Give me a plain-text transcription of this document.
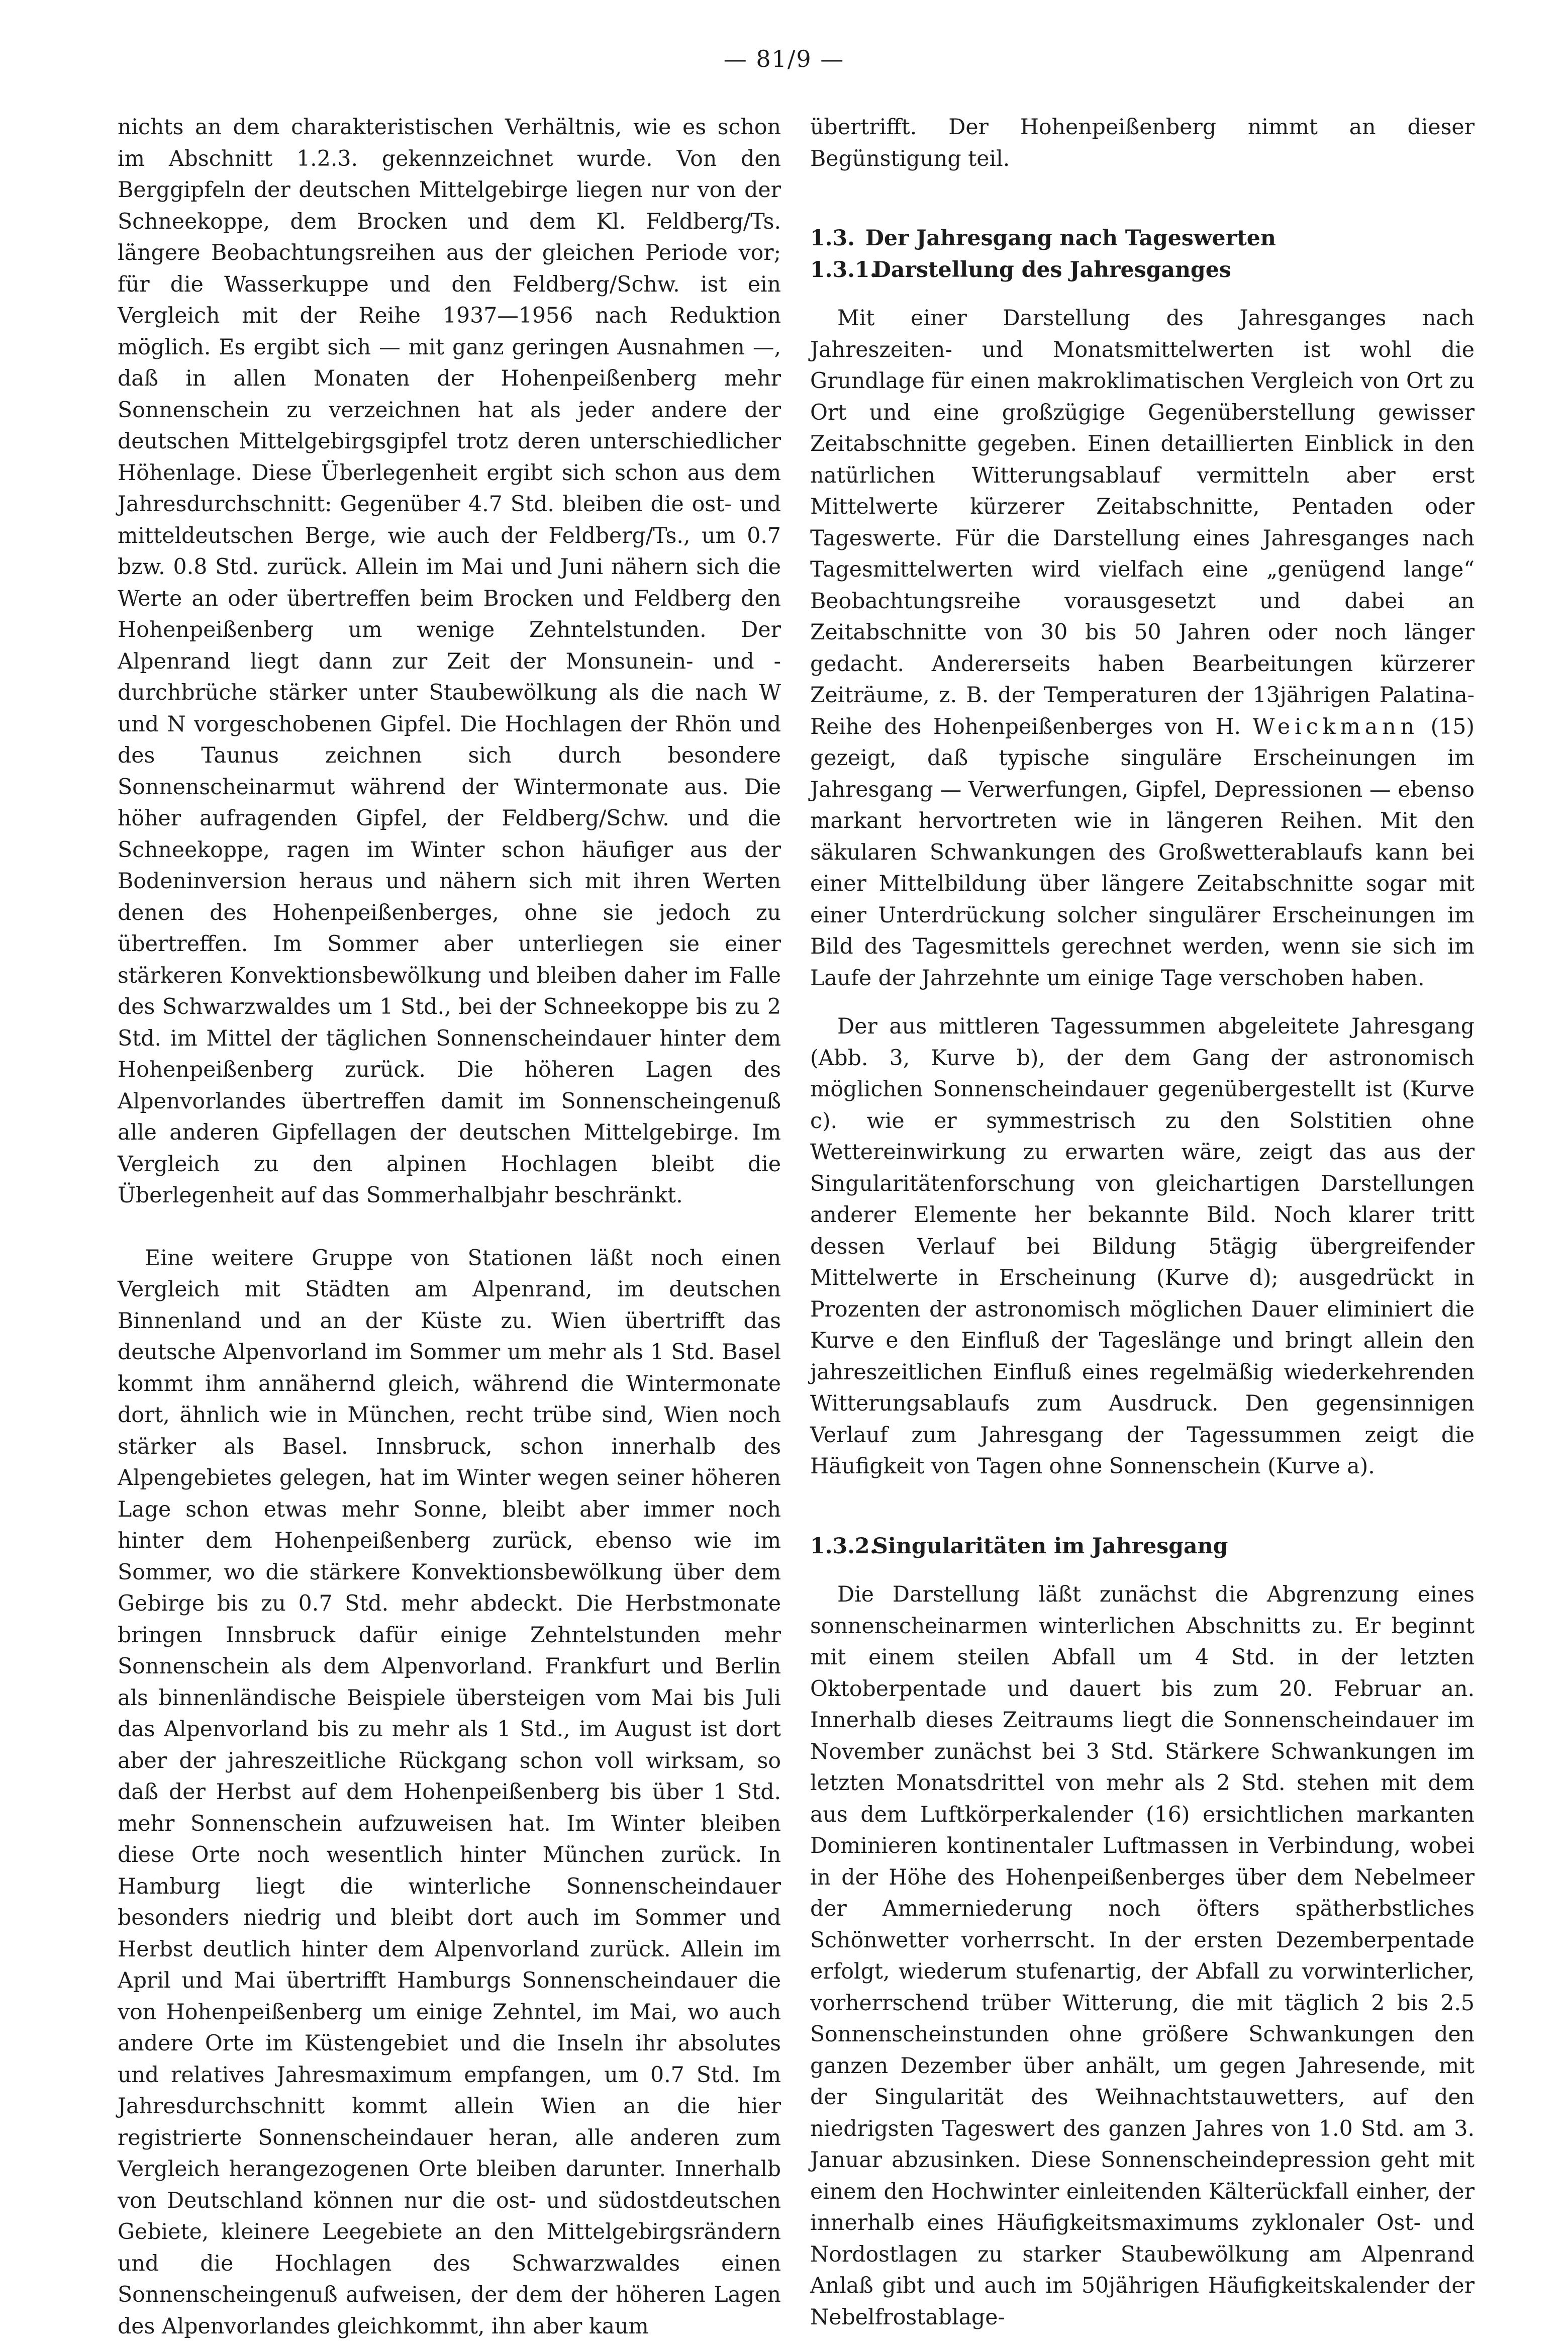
— 81/9 —

nichts an dem charakteristischen Verhältnis, wie es schon im Abschnitt 1.2.3. gekennzeichnet wurde. Von den Berggipfeln der deutschen Mittelgebirge liegen nur von der Schneekoppe, dem Brocken und dem Kl. Feldberg/Ts. längere Beobachtungsreihen aus der gleichen Periode vor; für die Wasserkuppe und den Feldberg/Schw. ist ein Vergleich mit der Reihe 1937—1956 nach Reduktion möglich. Es ergibt sich — mit ganz geringen Ausnahmen —, daß in allen Monaten der Hohenpeißenberg mehr Sonnenschein zu verzeichnen hat als jeder andere der deutschen Mittelgebirgsgipfel trotz deren unterschiedlicher Höhenlage. Diese Überlegenheit ergibt sich schon aus dem Jahresdurchschnitt: Gegenüber 4.7 Std. bleiben die ost- und mitteldeutschen Berge, wie auch der Feldberg/Ts., um 0.7 bzw. 0.8 Std. zurück. Allein im Mai und Juni nähern sich die Werte an oder übertreffen beim Brocken und Feldberg den Hohenpeißenberg um wenige Zehntelstunden. Der Alpenrand liegt dann zur Zeit der Monsunein- und -durchbrüche stärker unter Staubewölkung als die nach W und N vorgeschobenen Gipfel. Die Hochlagen der Rhön und des Taunus zeichnen sich durch besondere Sonnenscheinarmut während der Wintermonate aus. Die höher aufragenden Gipfel, der Feldberg/Schw. und die Schneekoppe, ragen im Winter schon häufiger aus der Bodeninversion heraus und nähern sich mit ihren Werten denen des Hohenpeißenberges, ohne sie jedoch zu übertreffen. Im Sommer aber unterliegen sie einer stärkeren Konvektionsbewölkung und bleiben daher im Falle des Schwarzwaldes um 1 Std., bei der Schneekoppe bis zu 2 Std. im Mittel der täglichen Sonnenscheindauer hinter dem Hohenpeißenberg zurück. Die höheren Lagen des Alpenvorlandes übertreffen damit im Sonnenscheingenuß alle anderen Gipfellagen der deutschen Mittelgebirge. Im Vergleich zu den alpinen Hochlagen bleibt die Überlegenheit auf das Sommerhalbjahr beschränkt.

Eine weitere Gruppe von Stationen läßt noch einen Vergleich mit Städten am Alpenrand, im deutschen Binnenland und an der Küste zu. Wien übertrifft das deutsche Alpenvorland im Sommer um mehr als 1 Std. Basel kommt ihm annähernd gleich, während die Wintermonate dort, ähnlich wie in München, recht trübe sind, Wien noch stärker als Basel. Innsbruck, schon innerhalb des Alpengebietes gelegen, hat im Winter wegen seiner höheren Lage schon etwas mehr Sonne, bleibt aber immer noch hinter dem Hohenpeißenberg zurück, ebenso wie im Sommer, wo die stärkere Konvektionsbewölkung über dem Gebirge bis zu 0.7 Std. mehr abdeckt. Die Herbstmonate bringen Innsbruck dafür einige Zehntelstunden mehr Sonnenschein als dem Alpenvorland. Frankfurt und Berlin als binnenländische Beispiele übersteigen vom Mai bis Juli das Alpenvorland bis zu mehr als 1 Std., im August ist dort aber der jahreszeitliche Rückgang schon voll wirksam, so daß der Herbst auf dem Hohenpeißenberg bis über 1 Std. mehr Sonnenschein aufzuweisen hat. Im Winter bleiben diese Orte noch wesentlich hinter München zurück. In Hamburg liegt die winterliche Sonnenscheindauer besonders niedrig und bleibt dort auch im Sommer und Herbst deutlich hinter dem Alpenvorland zurück. Allein im April und Mai übertrifft Hamburgs Sonnenscheindauer die von Hohenpeißenberg um einige Zehntel, im Mai, wo auch andere Orte im Küstengebiet und die Inseln ihr absolutes und relatives Jahresmaximum empfangen, um 0.7 Std. Im Jahresdurchschnitt kommt allein Wien an die hier registrierte Sonnenscheindauer heran, alle anderen zum Vergleich herangezogenen Orte bleiben darunter. Innerhalb von Deutschland können nur die ost- und südostdeutschen Gebiete, kleinere Leegebiete an den Mittelgebirgsrändern und die Hochlagen des Schwarzwaldes einen Sonnenscheingenuß aufweisen, der dem der höheren Lagen des Alpenvorlandes gleichkommt, ihn aber kaum

übertrifft. Der Hohenpeißenberg nimmt an dieser Begünstigung teil.

1.3. Der Jahresgang nach Tageswerten

1.3.1.Darstellung des Jahresganges

Mit einer Darstellung des Jahresganges nach Jahreszeiten- und Monatsmittelwerten ist wohl die Grundlage für einen makroklimatischen Vergleich von Ort zu Ort und eine großzügige Gegenüberstellung gewisser Zeitabschnitte gegeben. Einen detaillierten Einblick in den natürlichen Witterungsablauf vermitteln aber erst Mittelwerte kürzerer Zeitabschnitte, Pentaden oder Tageswerte. Für die Darstellung eines Jahresganges nach Tagesmittelwerten wird vielfach eine „genügend lange“ Beobachtungsreihe vorausgesetzt und dabei an Zeitabschnitte von 30 bis 50 Jahren oder noch länger gedacht. Andererseits haben Bearbeitungen kürzerer Zeiträume, z. B. der Temperaturen der 13jährigen Palatina-Reihe des Hohenpeißenberges von H. Weickmann (15) gezeigt, daß typische singuläre Erscheinungen im Jahresgang — Verwerfungen, Gipfel, Depressionen — ebenso markant hervortreten wie in längeren Reihen. Mit den säkularen Schwankungen des Großwetterablaufs kann bei einer Mittelbildung über längere Zeitabschnitte sogar mit einer Unterdrückung solcher singulärer Erscheinungen im Bild des Tagesmittels gerechnet werden, wenn sie sich im Laufe der Jahrzehnte um einige Tage verschoben haben.

Der aus mittleren Tagessummen abgeleitete Jahresgang (Abb. 3, Kurve b), der dem Gang der astronomisch möglichen Sonnenscheindauer gegenübergestellt ist (Kurve c). wie er symmestrisch zu den Solstitien ohne Wettereinwirkung zu erwarten wäre, zeigt das aus der Singularitätenforschung von gleichartigen Darstellungen anderer Elemente her bekannte Bild. Noch klarer tritt dessen Verlauf bei Bildung 5tägig übergreifender Mittelwerte in Erscheinung (Kurve d); ausgedrückt in Prozenten der astronomisch möglichen Dauer eliminiert die Kurve e den Einfluß der Tageslänge und bringt allein den jahreszeitlichen Einfluß eines regelmäßig wiederkehrenden Witterungsablaufs zum Ausdruck. Den gegensinnigen Verlauf zum Jahresgang der Tagessummen zeigt die Häufigkeit von Tagen ohne Sonnenschein (Kurve a).

1.3.2.Singularitäten im Jahresgang

Die Darstellung läßt zunächst die Abgrenzung eines sonnenscheinarmen winterlichen Abschnitts zu. Er beginnt mit einem steilen Abfall um 4 Std. in der letzten Oktoberpentade und dauert bis zum 20. Februar an. Innerhalb dieses Zeitraums liegt die Sonnenscheindauer im November zunächst bei 3 Std. Stärkere Schwankungen im letzten Monatsdrittel von mehr als 2 Std. stehen mit dem aus dem Luftkörperkalender (16) ersichtlichen markanten Dominieren kontinentaler Luftmassen in Verbindung, wobei in der Höhe des Hohenpeißenberges über dem Nebelmeer der Ammerniederung noch öfters spätherbstliches Schönwetter vorherrscht. In der ersten Dezemberpentade erfolgt, wiederum stufenartig, der Abfall zu vorwinterlicher, vorherrschend trüber Witterung, die mit täglich 2 bis 2.5 Sonnenscheinstunden ohne größere Schwankungen den ganzen Dezember über anhält, um gegen Jahresende, mit der Singularität des Weihnachtstauwetters, auf den niedrigsten Tageswert des ganzen Jahres von 1.0 Std. am 3. Januar abzusinken. Diese Sonnenscheindepression geht mit einem den Hochwinter einleitenden Kälterückfall einher, der innerhalb eines Häufigkeitsmaximums zyklonaler Ost- und Nordostlagen zu starker Staubewölkung am Alpenrand Anlaß gibt und auch im 50jährigen Häufigkeitskalender der Nebelfrostablage-
